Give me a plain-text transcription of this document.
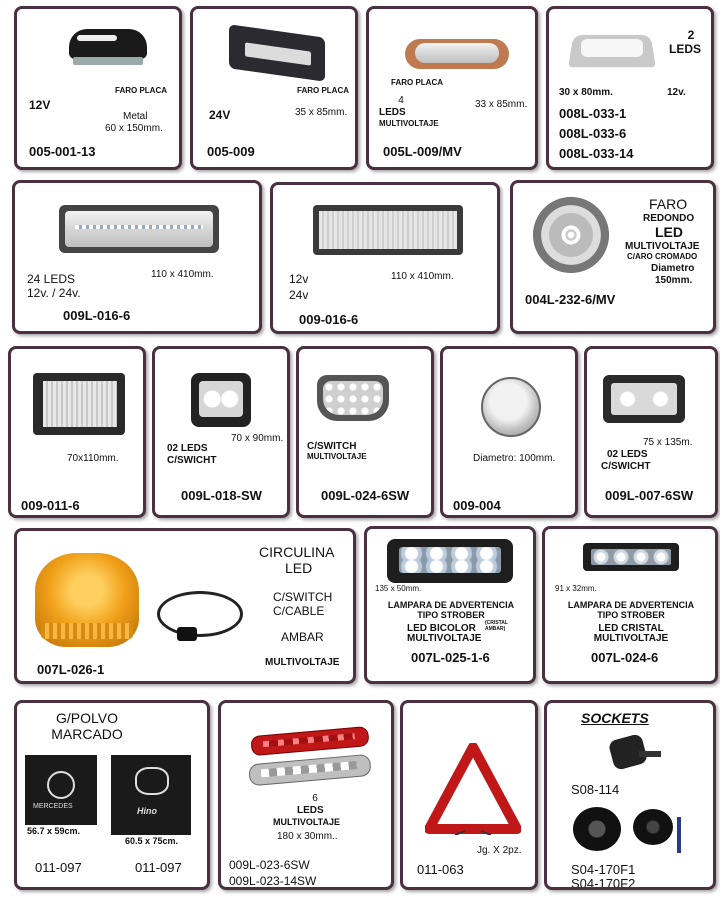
FARO PLACA
12V
Metal
60 x 150mm.
005-001-13
FARO PLACA
24V	35 x 85mm.
005-009
FARO PLACA
4
LEDS
MULTIVOLTAJE
33 x 85mm.
005L-009/MV
2
LEDS
30 x 80mm.	12v.
008L-033-1
008L-033-6
008L-033-14
110 x 410mm.
24 LEDS
12v. / 24v.
009L-016-6
12v
24v
110 x 410mm.
009-016-6
FARO
REDONDO
LED
MULTIVOLTAJE
C/ARO CROMADO
Diametro
150mm.
004L-232-6/MV
70x110mm.
009-011-6
70 x 90mm.
02 LEDS
C/SWICHT
009L-018-SW
C/SWITCH
MULTIVOLTAJE
009L-024-6SW
Diametro: 100mm.
009-004
75 x 135m.
02 LEDS
C/SWICHT
009L-007-6SW
CIRCULINA
LED
C/SWITCH
C/CABLE
AMBAR
MULTIVOLTAJE
007L-026-1
135 x 50mm.
LAMPARA DE ADVERTENCIA
TIPO STROBER
LED BICOLOR (CRISTAL AMBAR)
MULTIVOLTAJE
007L-025-1-6
91 x 32mm.
LAMPARA DE ADVERTENCIA
TIPO STROBER
LED CRISTAL
MULTIVOLTAJE
007L-024-6
G/POLVO
MARCADO
MERCEDES	Hino
56.7 x 59cm.
60.5 x 75cm.
011-097	011-097
6
LEDS
MULTIVOLTAJE
180 x 30mm..
009L-023-6SW
009L-023-14SW
Jg. X 2pz.
011-063
SOCKETS
S08-114
S04-170F1
S04-170F2
